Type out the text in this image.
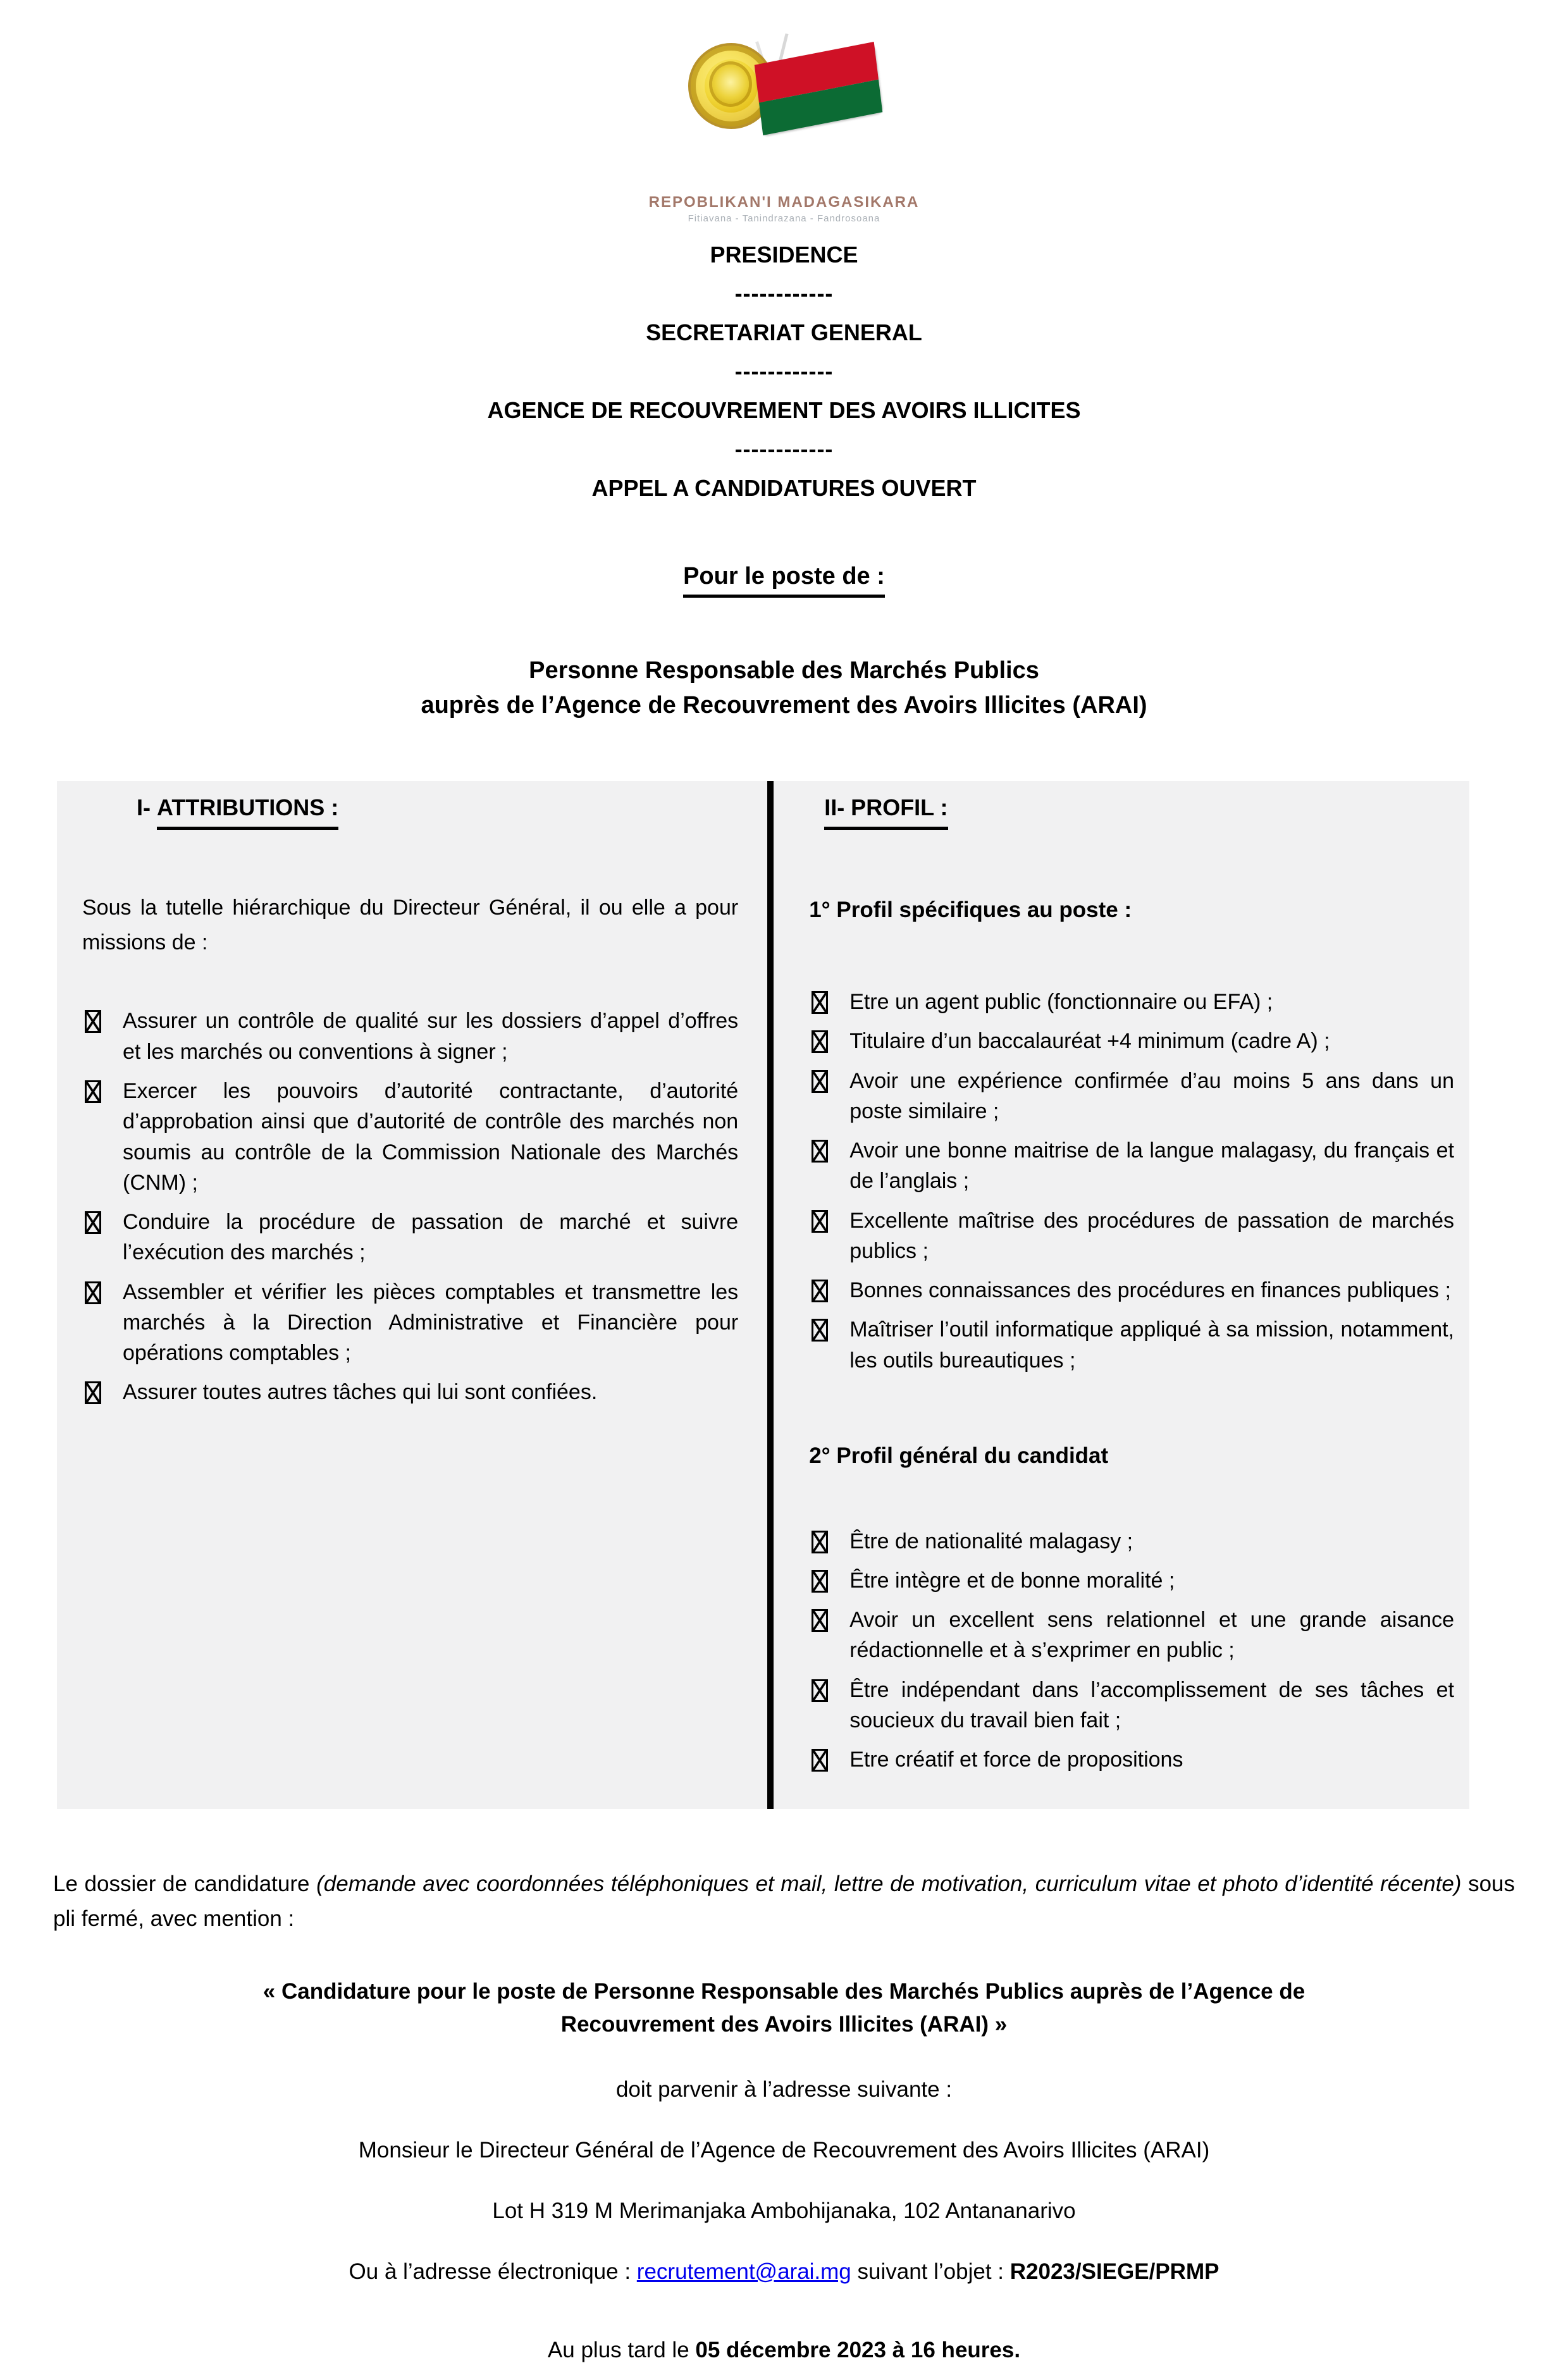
REPOBLIKAN'I MADAGASIKARA
Fitiavana - Tanindrazana - Fandrosoana
PRESIDENCE
------------
SECRETARIAT GENERAL
------------
AGENCE DE RECOUVREMENT DES AVOIRS ILLICITES
------------
APPEL A CANDIDATURES OUVERT
Pour le poste de :
Personne Responsable des Marchés Publics
auprès de l’Agence de Recouvrement des Avoirs Illicites (ARAI)
I- ATTRIBUTIONS :
Sous la tutelle hiérarchique du Directeur Général, il ou elle a pour missions de :
Assurer un contrôle de qualité sur les dossiers d’appel d’offres et les marchés ou conventions à signer ;
Exercer les pouvoirs d’autorité contractante, d’autorité d’approbation ainsi que d’autorité de contrôle des marchés non soumis au contrôle de la Commission Nationale des Marchés (CNM) ;
Conduire la procédure de passation de marché et suivre l’exécution des marchés ;
Assembler et vérifier les pièces comptables et transmettre les marchés à la Direction Administrative et Financière pour opérations comptables ;
Assurer toutes autres tâches qui lui sont confiées.
II- PROFIL :
1° Profil spécifiques au poste :
Etre un agent public (fonctionnaire ou EFA) ;
Titulaire d’un baccalauréat +4 minimum (cadre A) ;
Avoir une expérience confirmée d’au moins 5 ans dans un poste similaire ;
Avoir une bonne maitrise de la langue malagasy, du français et de l’anglais ;
Excellente maîtrise des procédures de passation de marchés publics ;
Bonnes connaissances des procédures en finances publiques ;
Maîtriser l’outil informatique appliqué à sa mission, notamment, les outils bureautiques ;
2° Profil général du candidat
Être de nationalité malagasy ;
Être intègre et de bonne moralité ;
Avoir un excellent sens relationnel et une grande aisance rédactionnelle et à s’exprimer en public ;
Être indépendant dans l’accomplissement de ses tâches et soucieux du travail bien fait ;
Etre créatif et force de propositions
Le dossier de candidature (demande avec coordonnées téléphoniques et mail, lettre de motivation, curriculum vitae et photo d’identité récente) sous pli fermé, avec mention :
« Candidature pour le poste de Personne Responsable des Marchés Publics auprès de l’Agence de Recouvrement des Avoirs Illicites (ARAI) »
doit parvenir à l’adresse suivante :
Monsieur le Directeur Général de l’Agence de Recouvrement des Avoirs Illicites (ARAI)
Lot H 319 M Merimanjaka Ambohijanaka, 102 Antananarivo
Ou à l’adresse électronique : recrutement@arai.mg suivant l’objet : R2023/SIEGE/PRMP
Au plus tard le 05 décembre 2023 à 16 heures.
